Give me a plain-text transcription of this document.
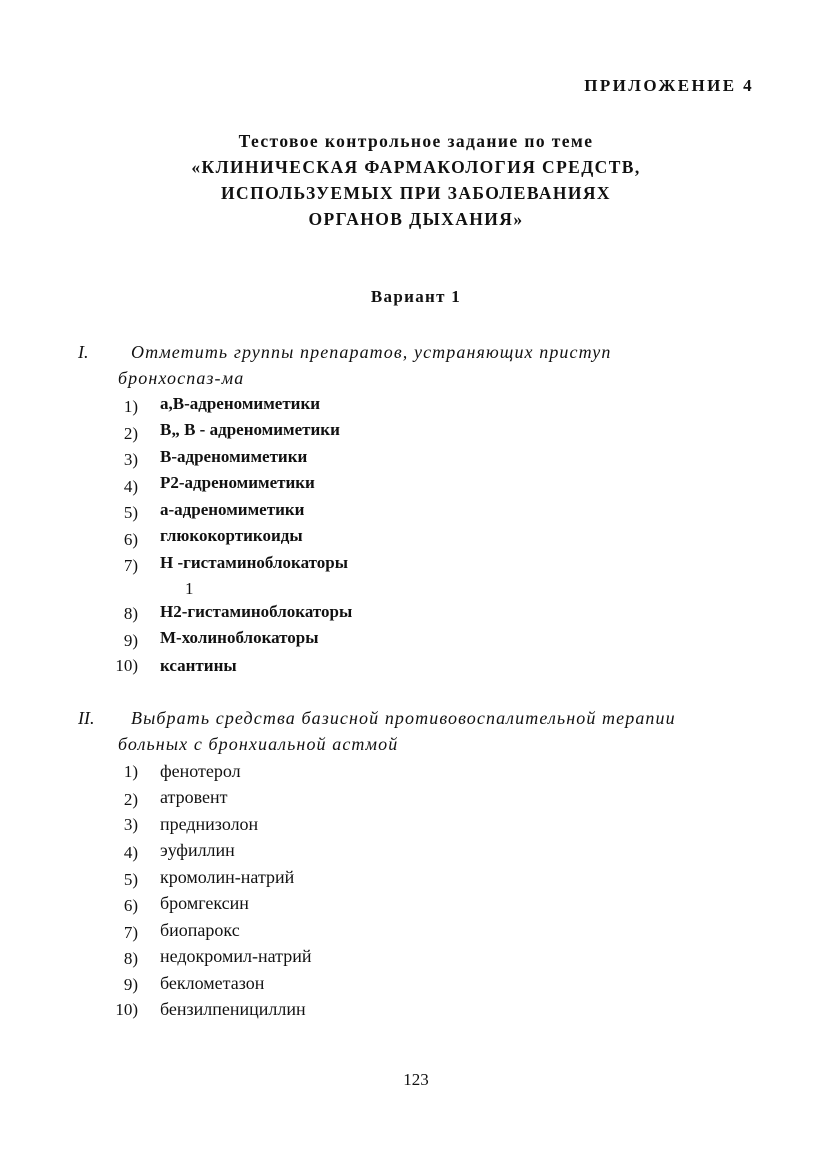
ПРИЛОЖЕНИЕ 4
Тестовое контрольное задание по теме
«КЛИНИЧЕСКАЯ ФАРМАКОЛОГИЯ СРЕДСТВ,
ИСПОЛЬЗУЕМЫХ ПРИ ЗАБОЛЕВАНИЯХ
ОРГАНОВ ДЫХАНИЯ»
Вариант 1
I. Отметить группы препаратов, устраняющих приступ
бронхоспаз-ма
1) а,В-адреномиметики
2) В„ В - адреномиметики
3) В-адреномиметики
4) Р2-адреномиметики
5) а-адреномиметики
6) глюкокортикоиды
7) Н -гистаминоблокаторы
1
8) Н2-гистаминоблокаторы
9) М-холиноблокаторы
10) ксантины
II. Выбрать средства базисной противовоспалительной терапии
больных с бронхиальной астмой
1) фенотерол
2) атровент
3) преднизолон
4) эуфиллин
5) кромолин-натрий
6) бромгексин
7) биопарокс
8) недокромил-натрий
9) беклометазон
10) бензилпенициллин
123
